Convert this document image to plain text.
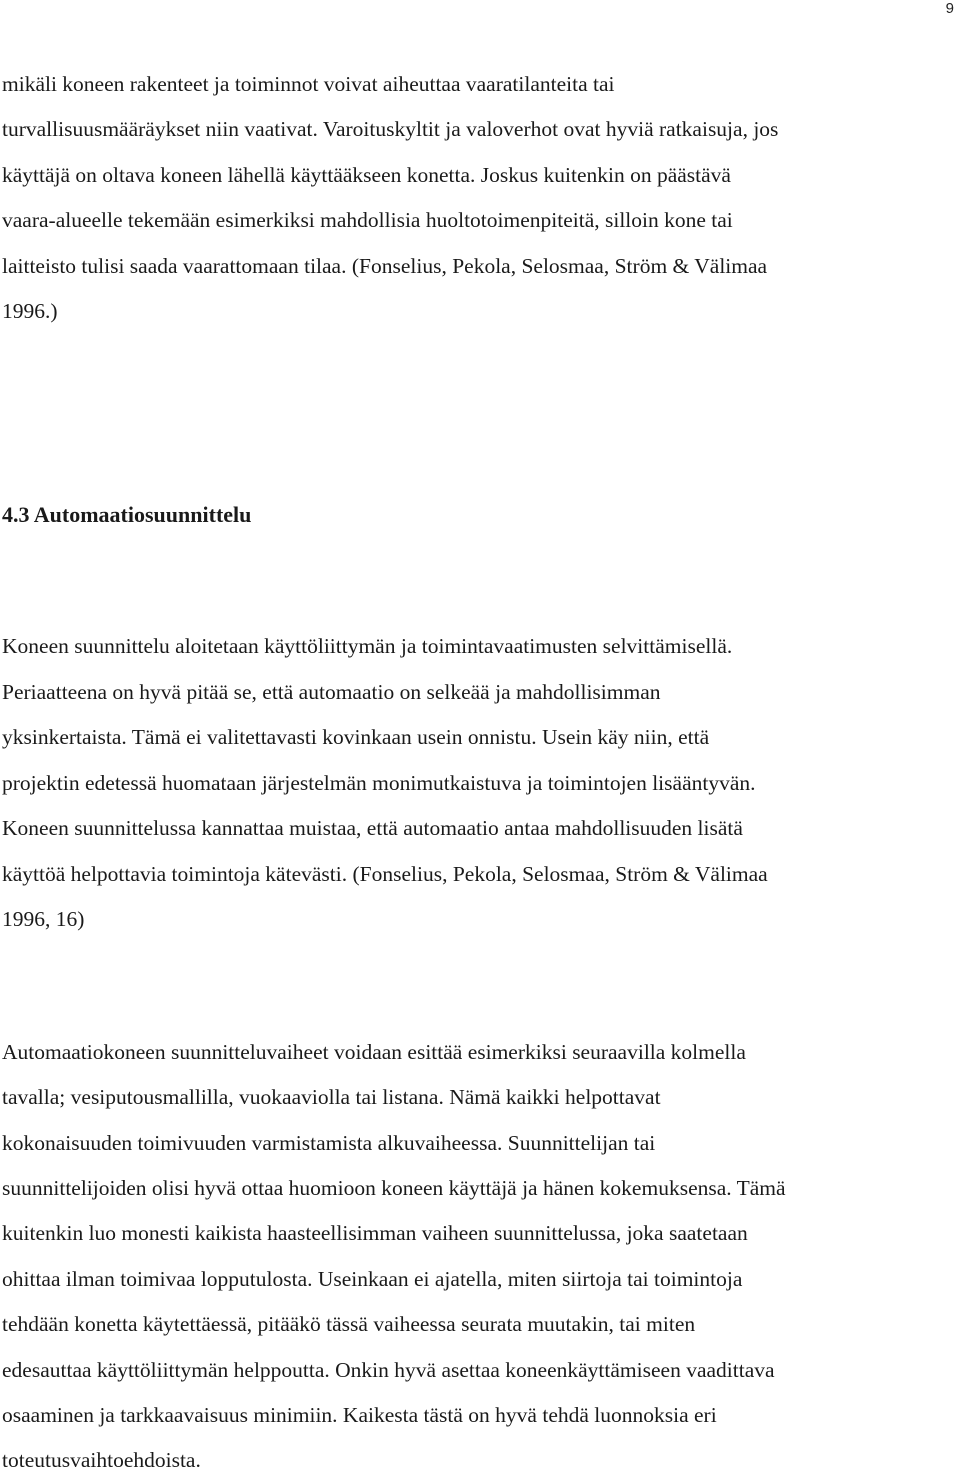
9
mikäli koneen rakenteet ja toiminnot voivat aiheuttaa vaaratilanteita tai
turvallisuusmääräykset niin vaativat. Varoituskyltit ja valoverhot ovat hyviä ratkaisuja, jos
käyttäjä on oltava koneen lähellä käyttääkseen konetta. Joskus kuitenkin on päästävä
vaara-alueelle tekemään esimerkiksi mahdollisia huoltotoimenpiteitä, silloin kone tai
laitteisto tulisi saada vaarattomaan tilaa. (Fonselius, Pekola, Selosmaa, Ström & Välimaa
1996.)
4.3 Automaatiosuunnittelu
Koneen suunnittelu aloitetaan käyttöliittymän ja toimintavaatimusten selvittämisellä.
Periaatteena on hyvä pitää se, että automaatio on selkeää ja mahdollisimman
yksinkertaista. Tämä ei valitettavasti kovinkaan usein onnistu. Usein käy niin, että
projektin edetessä huomataan järjestelmän monimutkaistuva ja toimintojen lisääntyvän.
Koneen suunnittelussa kannattaa muistaa, että automaatio antaa mahdollisuuden lisätä
käyttöä helpottavia toimintoja kätevästi. (Fonselius, Pekola, Selosmaa, Ström & Välimaa
1996, 16)
Automaatiokoneen suunnitteluvaiheet voidaan esittää esimerkiksi seuraavilla kolmella
tavalla; vesiputousmallilla, vuokaaviolla tai listana. Nämä kaikki helpottavat
kokonaisuuden toimivuuden varmistamista alkuvaiheessa. Suunnittelijan tai
suunnittelijoiden olisi hyvä ottaa huomioon koneen käyttäjä ja hänen kokemuksensa. Tämä
kuitenkin luo monesti kaikista haasteellisimman vaiheen suunnittelussa, joka saatetaan
ohittaa ilman toimivaa lopputulosta. Useinkaan ei ajatella, miten siirtoja tai toimintoja
tehdään konetta käytettäessä, pitääkö tässä vaiheessa seurata muutakin, tai miten
edesauttaa käyttöliittymän helppoutta. Onkin hyvä asettaa koneenkäyttämiseen vaadittava
osaaminen ja tarkkaavaisuus minimiin. Kaikesta tästä on hyvä tehdä luonnoksia eri
toteutusvaihtoehdoista.
